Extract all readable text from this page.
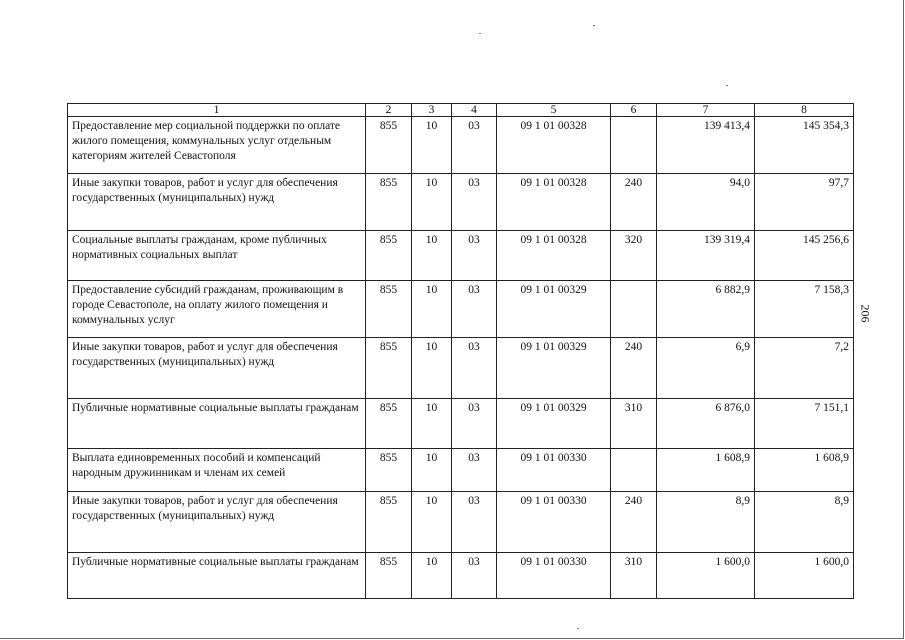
1	2	3	4	5	6	7	8
Предоставление мер социальной поддержки по оплате жилого помещения, коммунальных услуг отдельным категориям жителей Севастополя	855	10	03	09 1 01 00328		139 413,4	145 354,3
Иные закупки товаров, работ и услуг для обеспечения государственных (муниципальных) нужд	855	10	03	09 1 01 00328	240	94,0	97,7
Социальные выплаты гражданам, кроме публичных нормативных социальных выплат	855	10	03	09 1 01 00328	320	139 319,4	145 256,6
Предоставление субсидий гражданам, проживающим в городе Севастополе, на оплату жилого помещения и коммунальных услуг	855	10	03	09 1 01 00329		6 882,9	7 158,3
Иные закупки товаров, работ и услуг для обеспечения государственных (муниципальных) нужд	855	10	03	09 1 01 00329	240	6,9	7,2
Публичные нормативные социальные выплаты гражданам	855	10	03	09 1 01 00329	310	6 876,0	7 151,1
Выплата единовременных пособий и компенсаций народным дружинникам и членам их семей	855	10	03	09 1 01 00330		1 608,9	1 608,9
Иные закупки товаров, работ и услуг для обеспечения государственных (муниципальных) нужд	855	10	03	09 1 01 00330	240	8,9	8,9
Публичные нормативные социальные выплаты гражданам	855	10	03	09 1 01 00330	310	1 600,0	1 600,0
206
